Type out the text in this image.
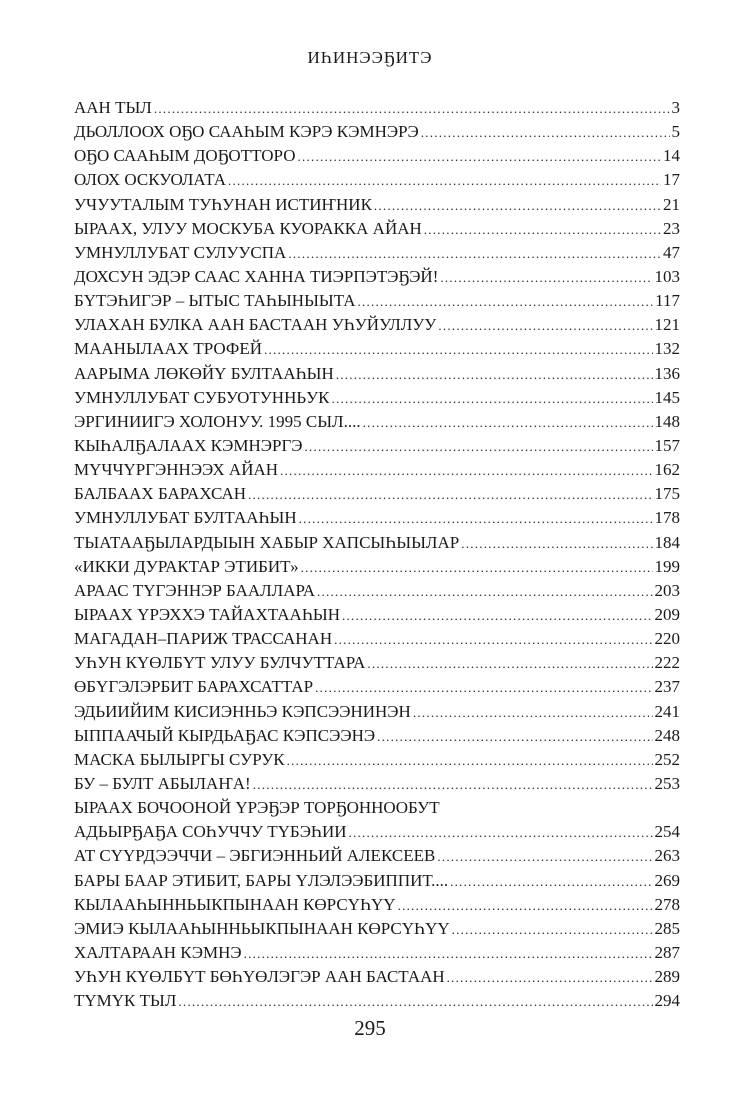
ИҺИНЭЭҔИТЭ
ААН ТЫЛ . . .	3
ДЬОЛЛООХ ОҔО СААҺЫМ КЭРЭ КЭМНЭРЭ . . .	5
ОҔО СААҺЫМ ДОҔОТТОРО . . .	14
ОЛОХ ОСКУОЛАТА . . .	17
УЧУУТАЛЫМ ТУҺУНАН ИСТИҤНИК . . .	21
ЫРААХ, УЛУУ МОСКУБА КУОРАККА АЙАН . . .	23
УМНУЛЛУБАТ СУЛУУСПА . . .	47
ДОХСУН ЭДЭР СААС ХАННА ТИЭРПЭТЭҔЭЙ! . . .	103
БҮТЭҺИГЭР – ЫТЫС ТАҺЫНЫЫТА . . .	117
УЛАХАН БУЛКА ААН БАСТААН УҺУЙУЛЛУУ . . .	121
МААНЫЛААХ ТРОФЕЙ . . .	132
ААРЫМА ЛӨКӨЙҮ БУЛТААҺЫН . . .	136
УМНУЛЛУБАТ СУБУОТУННЬУК . . .	145
ЭРГИНИИГЭ ХОЛОНУУ. 1995 СЫЛ.... . . .	148
КЫҺАЛҔАЛААХ КЭМНЭРГЭ . . .	157
МҮЧЧҮРГЭННЭЭХ АЙАН . . .	162
БАЛБААХ БАРАХСАН . . .	175
УМНУЛЛУБАТ БУЛТААҺЫН . . .	178
ТЫАТААҔЫЛАРДЫЫН ХАБЫР ХАПСЫҺЫЫЛАР . . .	184
«ИККИ ДУРАКТАР ЭТИБИТ» . . .	199
АРААС ТҮГЭННЭР БААЛЛАРА . . .	203
ЫРААХ ҮРЭХХЭ ТАЙАХТААҺЫН . . .	209
МАГАДАН–ПАРИЖ ТРАССАНАН . . .	220
УҺУН КҮӨЛБҮТ УЛУУ БУЛЧУТТАРА . . .	222
ӨБҮГЭЛЭРБИТ БАРАХСАТТАР . . .	237
ЭДЬИИЙИМ КИСИЭННЬЭ КЭПСЭЭНИНЭН . . .	241
ЫППААЧЫЙ КЫРДЬАҔАС КЭПСЭЭНЭ . . .	248
МАСКА БЫЛЫРГЫ СУРУК . . .	252
БУ – БУЛТ АБЫЛАҤА! . . .	253
ЫРААХ БОЧООНОЙ ҮРЭҔЭР ТОРҔОННООБУТ
АДЬЫРҔАҔА СОҺУЧЧУ ТҮБЭҺИИ . . .	254
АТ СҮҮРДЭЭЧЧИ – ЭБГИЭННЬИЙ АЛЕКСЕЕВ . . .	263
БАРЫ БААР ЭТИБИТ, БАРЫ ҮЛЭЛЭЭБИППИТ.... . . .	269
КЫЛААҺЫННЬЫКПЫНААН КӨРСҮҺҮҮ . . .	278
ЭМИЭ КЫЛААҺЫННЬЫКПЫНААН КӨРСҮҺҮҮ . . .	285
ХАЛТАРААН КЭМНЭ . . .	287
УҺУН КҮӨЛБҮТ БӨҺҮӨЛЭГЭР ААН БАСТААН . . .	289
ТҮМҮК ТЫЛ . . .	294
295
